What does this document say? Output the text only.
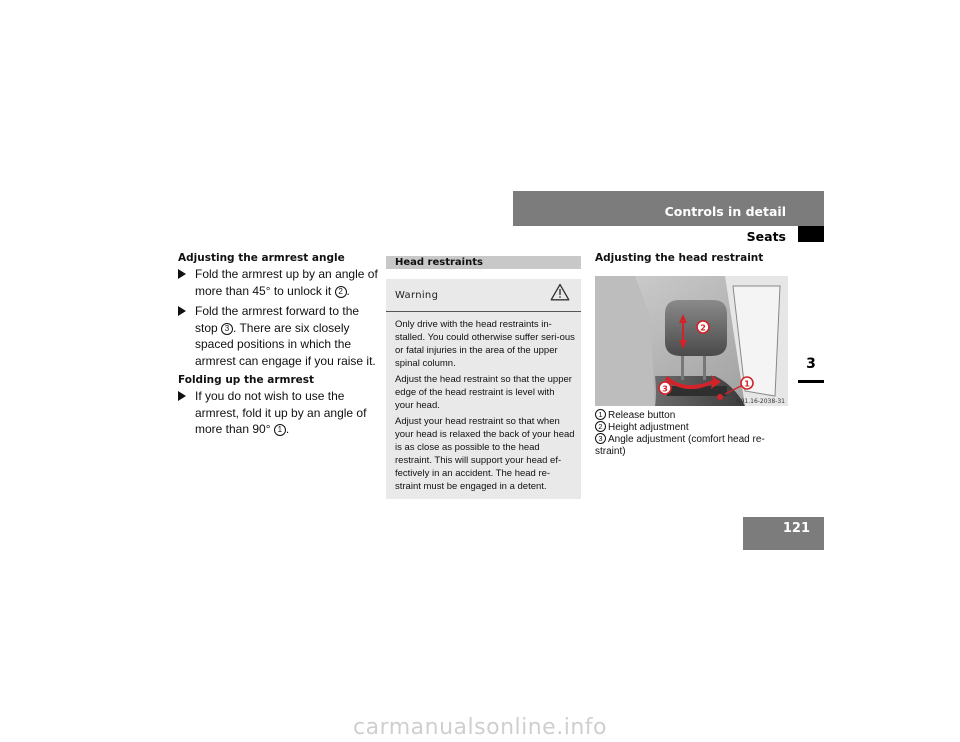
Controls in detail
Seats
3
121
Adjusting the armrest angle
Fold the armrest up by an angle of more than 45° to unlock it 2 .
Fold the armrest forward to the stop 3 . There are six closely spaced positions in which the armrest can engage if you raise it.
Folding up the armrest
If you do not wish to use the armrest, fold it up by an angle of more than 90° 1 .
Head restraints
Warning
Only drive with the head restraints in-stalled. You could otherwise suffer seri-ous or fatal injuries in the area of the upper spinal column.
Adjust the head restraint so that the upper edge of the head restraint is level with your head.
Adjust your head restraint so that when your head is relaxed the back of your head is as close as possible to the head restraint. This will support your head ef-fectively in an accident. The head re-straint must be engaged in a detent.
Adjusting the head restraint
2
3
1
N91.16-2038-31
1 Release button
2 Height adjustment
3 Angle adjustment (comfort head re-straint)
carmanualsonline.info
